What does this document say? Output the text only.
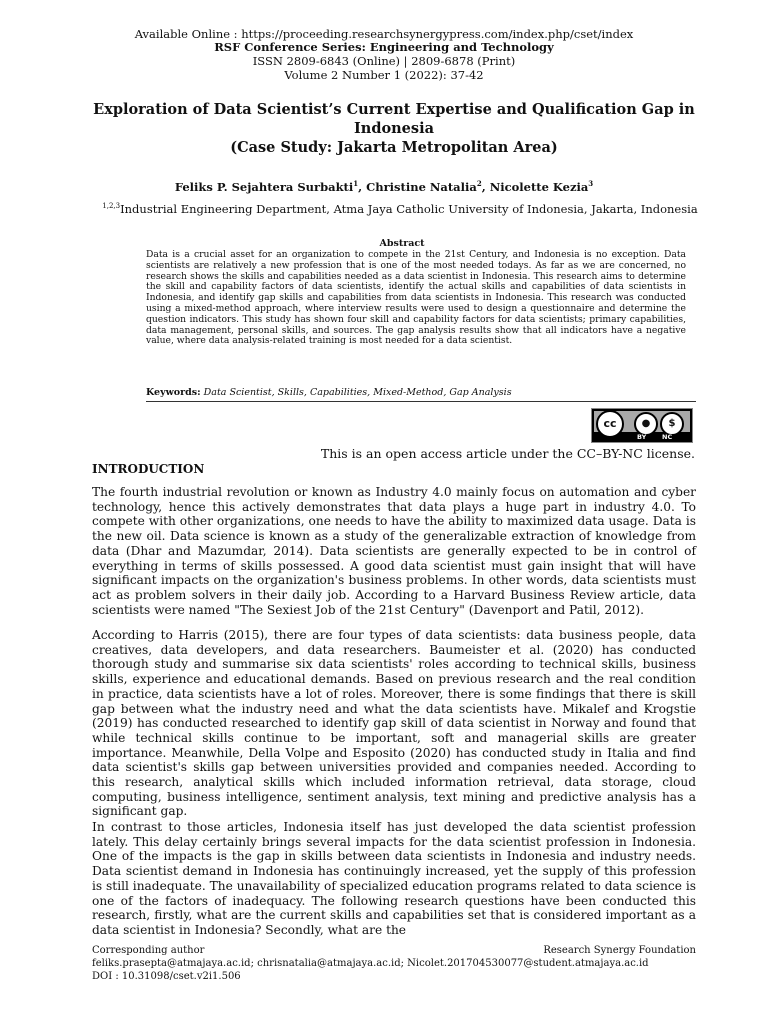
Available Online : https://proceeding.researchsynergypress.com/index.php/cset/index
RSF Conference Series: Engineering and Technology
ISSN 2809-6843 (Online) | 2809-6878 (Print)
Volume 2 Number 1 (2022): 37-42
Exploration of Data Scientist’s Current Expertise and Qualification Gap in
Indonesia
(Case Study: Jakarta Metropolitan Area)
Feliks P. Sejahtera Surbakti$^1$, Christine Natalia$^2$, Nicolette Kezia$^3$
$^{1,2,3}$Industrial Engineering Department, Atma Jaya Catholic University of Indonesia, Jakarta, Indonesia
Abstract
Data is a crucial asset for an organization to compete in the 21st Century, and Indonesia is no exception. Data scientists are relatively a new profession that is one of the most needed todays. As far as we are concerned, no research shows the skills and capabilities needed as a data scientist in Indonesia. This research aims to determine the skill and capability factors of data scientists, identify the actual skills and capabilities of data scientists in Indonesia, and identify gap skills and capabilities from data scientists in Indonesia. This research was conducted using a mixed-method approach, where interview results were used to design a questionnaire and determine the question indicators. This study has shown four skill and capability factors for data scientists; primary capabilities, data management, personal skills, and sources. The gap analysis results show that all indicators have a negative value, where data analysis-related training is most needed for a data scientist.
Keywords: Data Scientist, Skills, Capabilities, Mixed-Method, Gap Analysis
cc	●	$
BY NC
This is an open access article under the CC–BY-NC license.
INTRODUCTION
The fourth industrial revolution or known as Industry 4.0 mainly focus on automation and cyber technology, hence this actively demonstrates that data plays a huge part in industry 4.0. To compete with other organizations, one needs to have the ability to maximized data usage. Data is the new oil. Data science is known as a study of the generalizable extraction of knowledge from data (Dhar and Mazumdar, 2014). Data scientists are generally expected to be in control of everything in terms of skills possessed. A good data scientist must gain insight that will have significant impacts on the organization's business problems. In other words, data scientists must act as problem solvers in their daily job. According to a Harvard Business Review article, data scientists were named "The Sexiest Job of the 21st Century" (Davenport and Patil, 2012).
According to Harris (2015), there are four types of data scientists: data business people, data creatives, data developers, and data researchers. Baumeister et al. (2020) has conducted thorough study and summarise six data scientists' roles according to technical skills, business skills, experience and educational demands. Based on previous research and the real condition in practice, data scientists have a lot of roles. Moreover, there is some findings that there is skill gap between what the industry need and what the data scientists have. Mikalef and Krogstie (2019) has conducted researched to identify gap skill of data scientist in Norway and found that while technical skills continue to be important, soft and managerial skills are greater importance. Meanwhile, Della Volpe and Esposito (2020) has conducted study in Italia and find data scientist's skills gap between universities provided and companies needed. According to this research, analytical skills which included information retrieval, data storage, cloud computing, business intelligence, sentiment analysis, text mining and predictive analysis has a significant gap.
In contrast to those articles, Indonesia itself has just developed the data scientist profession lately. This delay certainly brings several impacts for the data scientist profession in Indonesia. One of the impacts is the gap in skills between data scientists in Indonesia and industry needs. Data scientist demand in Indonesia has continuingly increased, yet the supply of this profession is still inadequate. The unavailability of specialized education programs related to data science is one of the factors of inadequacy. The following research questions have been conducted this research, firstly, what are the current skills and capabilities set that is considered important as a data scientist in Indonesia? Secondly, what are the
Corresponding author	Research Synergy Foundation
feliks.prasepta@atmajaya.ac.id; chrisnatalia@atmajaya.ac.id; Nicolet.201704530077@student.atmajaya.ac.id
DOI : 10.31098/cset.v2i1.506
